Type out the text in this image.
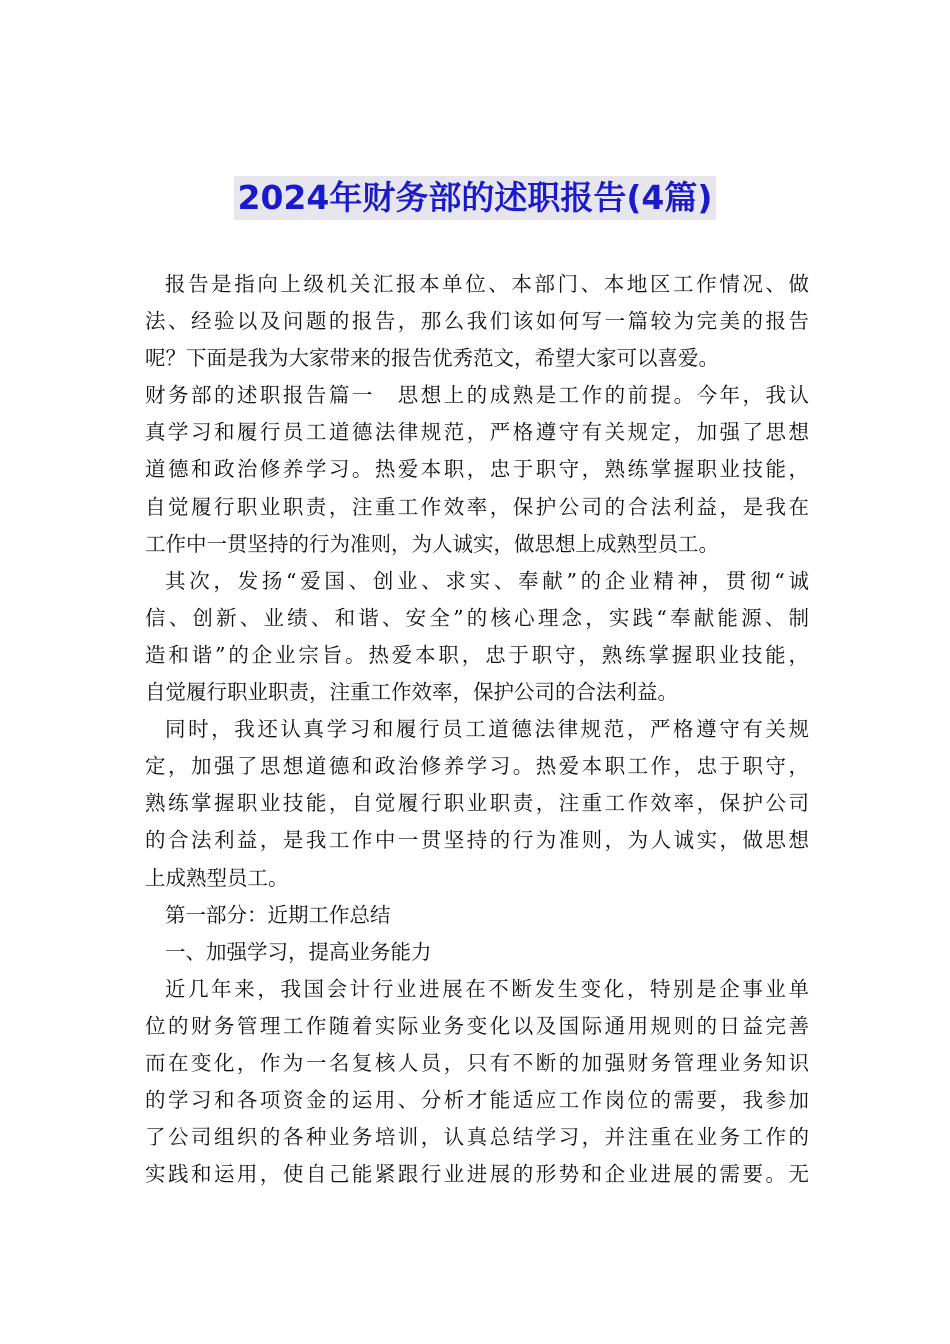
2024年财务部的述职报告(4篇)
报告是指向上级机关汇报本单位、本部门、本地区工作情况、做
法、经验以及问题的报告，那么我们该如何写一篇较为完美的报告
呢？下面是我为大家带来的报告优秀范文，希望大家可以喜爱。
财务部的述职报告篇一　思想上的成熟是工作的前提。今年，我认
真学习和履行员工道德法律规范，严格遵守有关规定，加强了思想
道德和政治修养学习。热爱本职，忠于职守，熟练掌握职业技能，
自觉履行职业职责，注重工作效率，保护公司的合法利益，是我在
工作中一贯坚持的行为准则，为人诚实，做思想上成熟型员工。
其次，发扬“爱国、创业、求实、奉献”的企业精神，贯彻“诚
信、创新、业绩、和谐、安全”的核心理念，实践“奉献能源、制
造和谐”的企业宗旨。热爱本职，忠于职守，熟练掌握职业技能，
自觉履行职业职责，注重工作效率，保护公司的合法利益。
同时，我还认真学习和履行员工道德法律规范，严格遵守有关规
定，加强了思想道德和政治修养学习。热爱本职工作，忠于职守，
熟练掌握职业技能，自觉履行职业职责，注重工作效率，保护公司
的合法利益，是我工作中一贯坚持的行为准则，为人诚实，做思想
上成熟型员工。
第一部分：近期工作总结
一、加强学习，提高业务能力
近几年来，我国会计行业进展在不断发生变化，特别是企事业单
位的财务管理工作随着实际业务变化以及国际通用规则的日益完善
而在变化，作为一名复核人员，只有不断的加强财务管理业务知识
的学习和各项资金的运用、分析才能适应工作岗位的需要，我参加
了公司组织的各种业务培训，认真总结学习，并注重在业务工作的
实践和运用，使自己能紧跟行业进展的形势和企业进展的需要。无
